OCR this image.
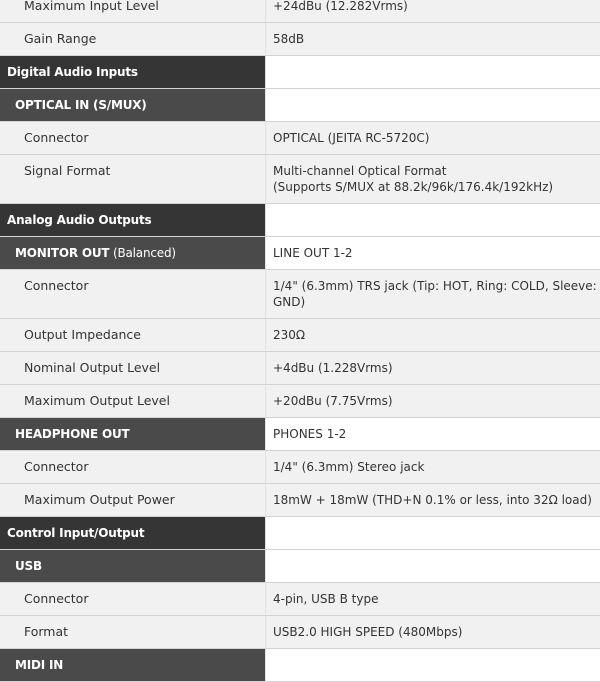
Maximum Input Level	+24dBu (12.282Vrms)
Gain Range	58dB
Digital Audio Inputs
OPTICAL IN (S/MUX)
Connector	OPTICAL (JEITA RC-5720C)
Signal Format	Multi-channel Optical Format
(Supports S/MUX at 88.2k/96k/176.4k/192kHz)
Analog Audio Outputs
MONITOR OUT (Balanced)	LINE OUT 1-2
Connector	1/4" (6.3mm) TRS jack (Tip: HOT, Ring: COLD, Sleeve: GND)
Output Impedance	230Ω
Nominal Output Level	+4dBu (1.228Vrms)
Maximum Output Level	+20dBu (7.75Vrms)
HEADPHONE OUT	PHONES 1-2
Connector	1/4" (6.3mm) Stereo jack
Maximum Output Power	18mW + 18mW (THD+N 0.1% or less, into 32Ω load)
Control Input/Output
USB
Connector	4-pin, USB B type
Format	USB2.0 HIGH SPEED (480Mbps)
MIDI IN
